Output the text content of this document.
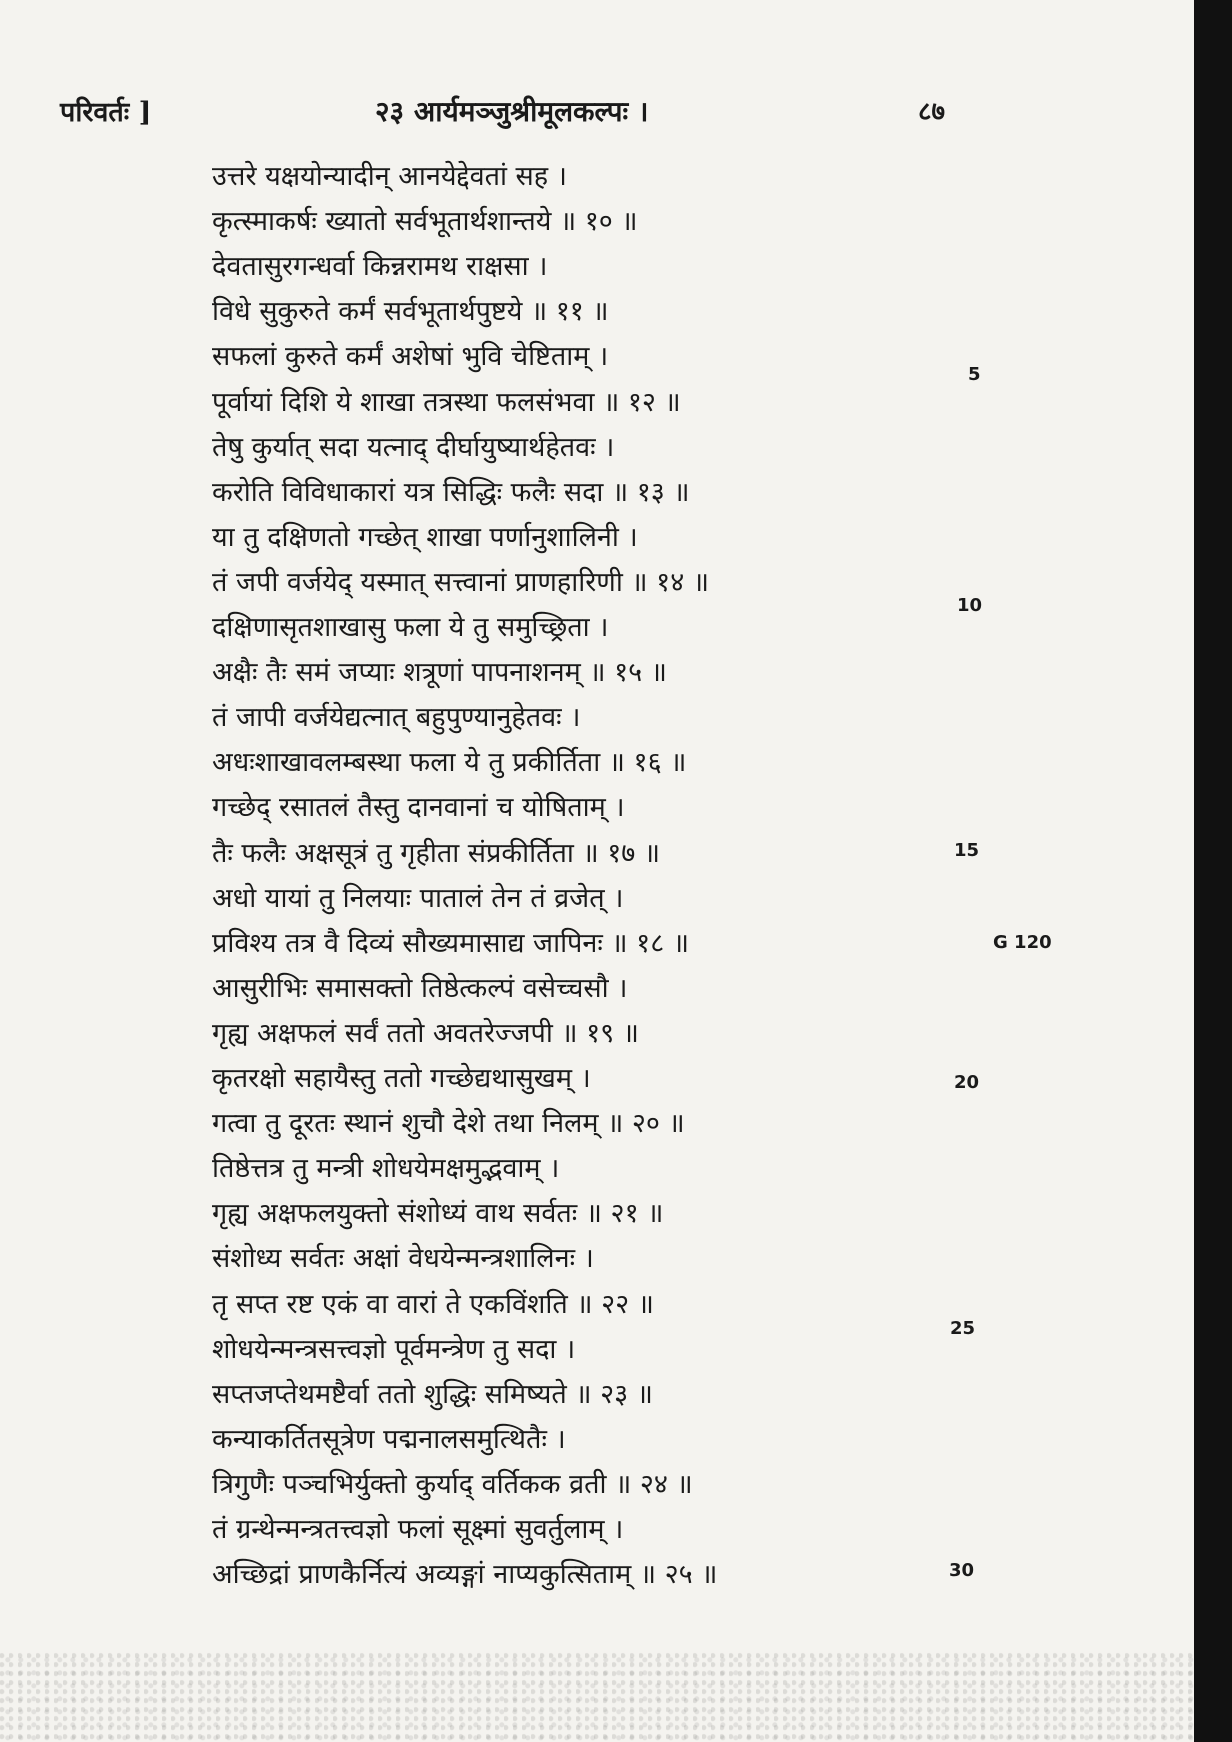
परिवर्तः ]	२३ आर्यमञ्जुश्रीमूलकल्पः ।	८७
उत्तरे यक्षयोन्यादीन् आनयेद्देवतां सह ।
कृत्स्माकर्षः ख्यातो सर्वभूतार्थशान्तये ॥ १० ॥
देवतासुरगन्धर्वा किन्नरामथ राक्षसा ।
विधे सुकुरुते कर्मं सर्वभूतार्थपुष्टये ॥ ११ ॥
सफलां कुरुते कर्मं अशेषां भुवि चेष्टिताम् ।
पूर्वायां दिशि ये शाखा तत्रस्था फलसंभवा ॥ १२ ॥
तेषु कुर्यात् सदा यत्नाद् दीर्घायुष्यार्थहेतवः ।
करोति विविधाकारां यत्र सिद्धिः फलैः सदा ॥ १३ ॥
या तु दक्षिणतो गच्छेत् शाखा पर्णानुशालिनी ।
तं जपी वर्जयेद् यस्मात् सत्त्वानां प्राणहारिणी ॥ १४ ॥
दक्षिणासृतशाखासु फला ये तु समुच्छ्रिता ।
अक्षैः तैः समं जप्याः शत्रूणां पापनाशनम् ॥ १५ ॥
तं जापी वर्जयेद्यत्नात् बहुपुण्यानुहेतवः ।
अधःशाखावलम्बस्था फला ये तु प्रकीर्तिता ॥ १६ ॥
गच्छेद् रसातलं तैस्तु दानवानां च योषिताम् ।
तैः फलैः अक्षसूत्रं तु गृहीता संप्रकीर्तिता ॥ १७ ॥
अधो यायां तु निलयाः पातालं तेन तं व्रजेत् ।
प्रविश्य तत्र वै दिव्यं सौख्यमासाद्य जापिनः ॥ १८ ॥
आसुरीभिः समासक्तो तिष्ठेत्कल्पं वसेच्चसौ ।
गृह्य अक्षफलं सर्वं ततो अवतरेज्जपी ॥ १९ ॥
कृतरक्षो सहायैस्तु ततो गच्छेद्यथासुखम् ।
गत्वा तु दूरतः स्थानं शुचौ देशे तथा निलम् ॥ २० ॥
तिष्ठेत्तत्र तु मन्त्री शोधयेमक्षमुद्भवाम् ।
गृह्य अक्षफलयुक्तो संशोध्यं वाथ सर्वतः ॥ २१ ॥
संशोध्य सर्वतः अक्षां वेधयेन्मन्त्रशालिनः ।
तृ सप्त रष्ट एकं वा वारां ते एकविंशति ॥ २२ ॥
शोधयेन्मन्त्रसत्त्वज्ञो पूर्वमन्त्रेण तु सदा ।
सप्तजप्तेथमष्टैर्वा ततो शुद्धिः समिष्यते ॥ २३ ॥
कन्याकर्तितसूत्रेण पद्मनालसमुत्थितैः ।
त्रिगुणैः पञ्चभिर्युक्तो कुर्याद् वर्तिकक व्रती ॥ २४ ॥
तं ग्रन्थेन्मन्त्रतत्त्वज्ञो फलां सूक्ष्मां सुवर्तुलाम् ।
अच्छिद्रां प्राणकैर्नित्यं अव्यङ्गां नाप्यकुत्सिताम् ॥ २५ ॥
5
10
15
G 120
20
25
30
